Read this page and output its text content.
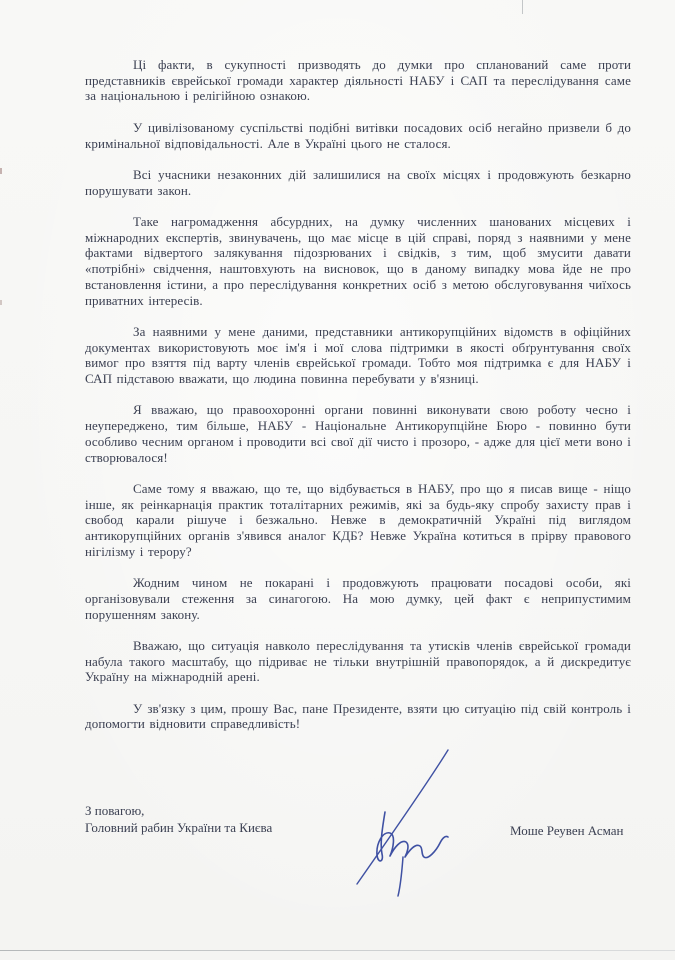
Ці факти, в сукупності призводять до думки про спланований саме проти представників єврейської громади характер діяльності НАБУ і САП та переслідування саме за національною і релігійною ознакою.

У цивілізованому суспільстві подібні витівки посадових осіб негайно призвели б до кримінальної відповідальності. Але в Україні цього не сталося.

Всі учасники незаконних дій залишилися на своїх місцях і продовжують безкарно порушувати закон.

Таке нагромадження абсурдних, на думку численних шанованих місцевих і міжнародних експертів, звинувачень, що має місце в цій справі, поряд з наявними у мене фактами відвертого залякування підозрюваних і свідків, з тим, щоб змусити давати «потрібні» свідчення, наштовхують на висновок, що в даному випадку мова йде не про встановлення істини, а про переслідування конкретних осіб з метою обслуговування чиїхось приватних інтересів.

За наявними у мене даними, представники антикорупційних відомств в офіційних документах використовують моє ім'я і мої слова підтримки в якості обґрунтування своїх вимог про взяття під варту членів єврейської громади. Тобто моя підтримка є для НАБУ і САП підставою вважати, що людина повинна перебувати у в'язниці.

Я вважаю, що правоохоронні органи повинні виконувати свою роботу чесно і неупереджено, тим більше, НАБУ - Національне Антикорупційне Бюро - повинно бути особливо чесним органом і проводити всі свої дії чисто і прозоро, - адже для цієї мети воно і створювалося!

Саме тому я вважаю, що те, що відбувається в НАБУ, про що я писав вище - ніщо інше, як реінкарнація практик тоталітарних режимів, які за будь-яку спробу захисту прав і свобод карали рішуче і безжально. Невже в демократичній Україні під виглядом антикорупційних органів з'явився аналог КДБ? Невже Україна котиться в прірву правового нігілізму і терору?

Жодним чином не покарані і продовжують працювати посадові особи, які організовували стеження за синагогою. На мою думку, цей факт є неприпустимим порушенням закону.

Вважаю, що ситуація навколо переслідування та утисків членів єврейської громади набула такого масштабу, що підриває не тільки внутрішній правопорядок, а й дискредитує Україну на міжнародній арені.

У зв'язку з цим, прошу Вас, пане Президенте, взяти цю ситуацію під свій контроль і допомогти відновити справедливість!

З повагою,
Головний рабин України та Києва	Моше Реувен Асман
